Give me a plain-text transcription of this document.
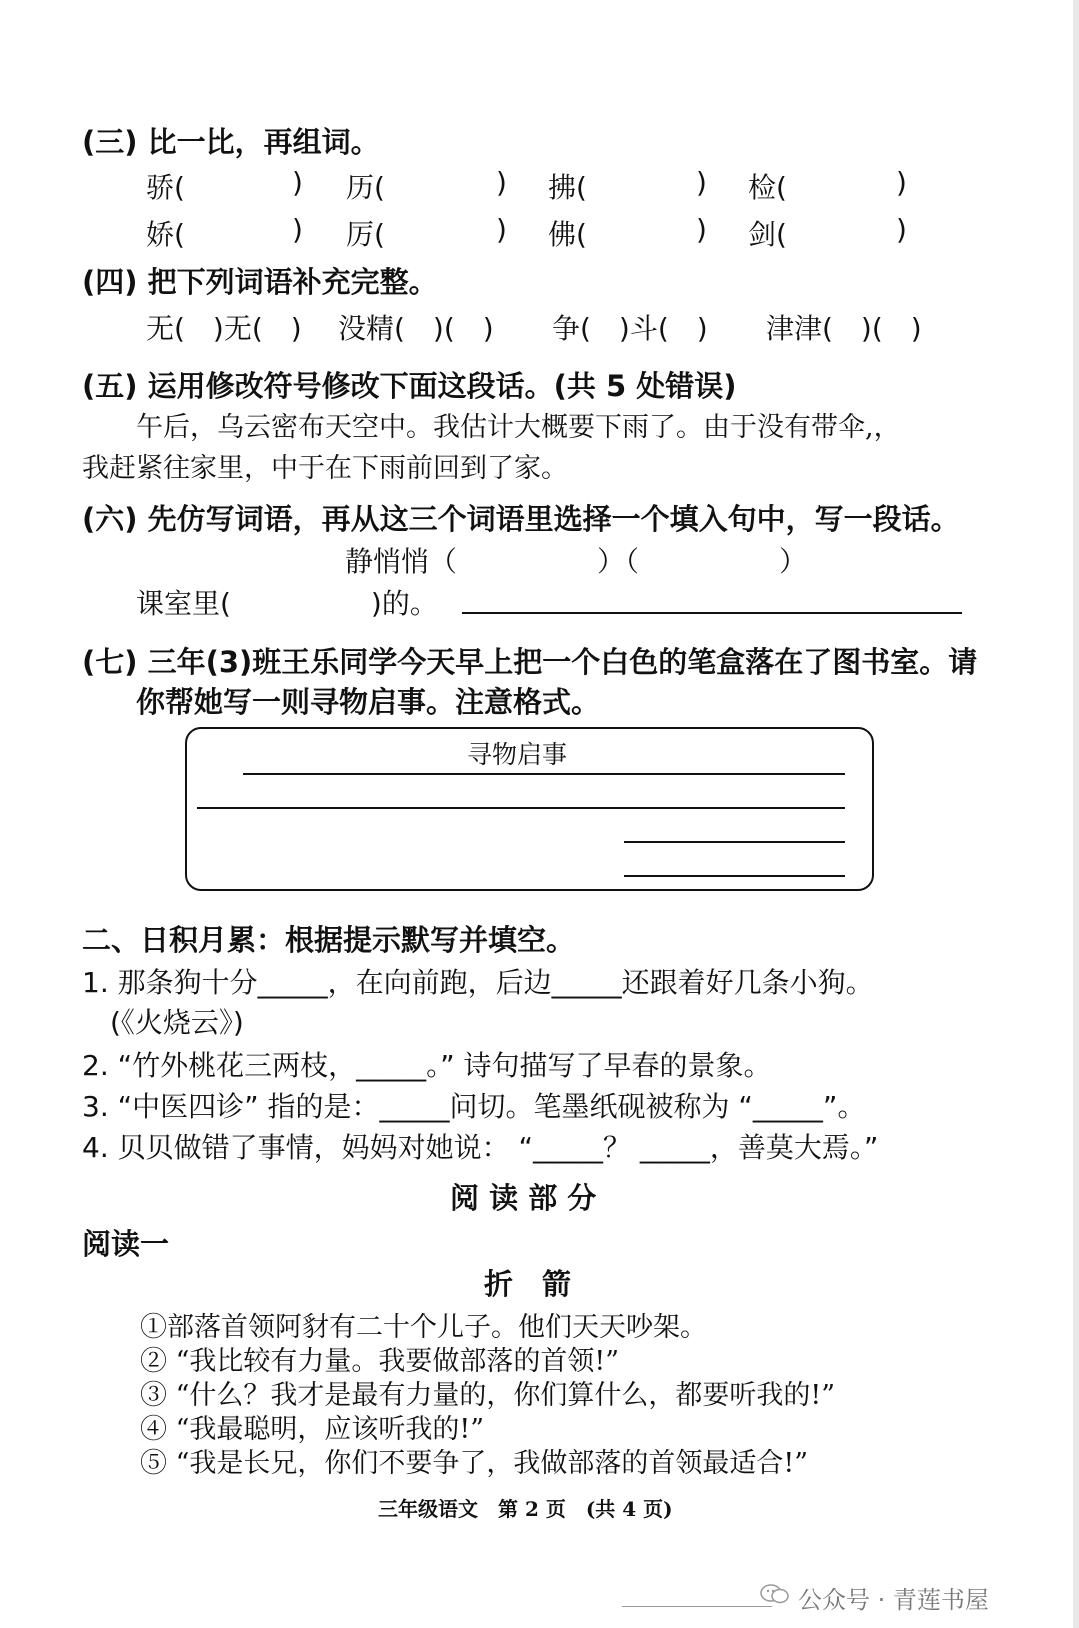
(三) 比一比，再组词。
骄(	) 历(	) 拂(	) 检(	)
娇(	) 厉(	) 佛(	) 剑(	)
(四) 把下列词语补充完整。
无(　)无(　) 没精(　)(　) 争(　)斗(　) 津津(　)(　)
(五) 运用修改符号修改下面这段话。(共 5 处错误)
午后，乌云密布天空中。我估计大概要下雨了。由于没有带伞,，
我赶紧往家里，中于在下雨前回到了家。
(六) 先仿写词语，再从这三个词语里选择一个填入句中，写一段话。
静悄悄（　　　　　）（　　　　　）
课室里(　　　　　)的。
(七) 三年(3)班王乐同学今天早上把一个白色的笔盒落在了图书室。请
你帮她写一则寻物启事。注意格式。
寻物启事
二、日积月累：根据提示默写并填空。
1. 那条狗十分_____，在向前跑，后边_____还跟着好几条小狗。
(《火烧云》)
2. “竹外桃花三两枝，_____。” 诗句描写了早春的景象。
3. “中医四诊” 指的是：_____问切。笔墨纸砚被称为 “_____”。
4. 贝贝做错了事情，妈妈对她说： “_____？ _____，善莫大焉。”
阅 读 部 分
阅读一
折　箭
①部落首领阿豺有二十个儿子。他们天天吵架。
② “我比较有力量。我要做部落的首领!”
③ “什么？我才是最有力量的，你们算什么，都要听我的!”
④ “我最聪明，应该听我的!”
⑤ “我是长兄，你们不要争了，我做部落的首领最适合!”
三年级语文　第 2 页　(共 4 页)
公众号 · 青莲书屋
